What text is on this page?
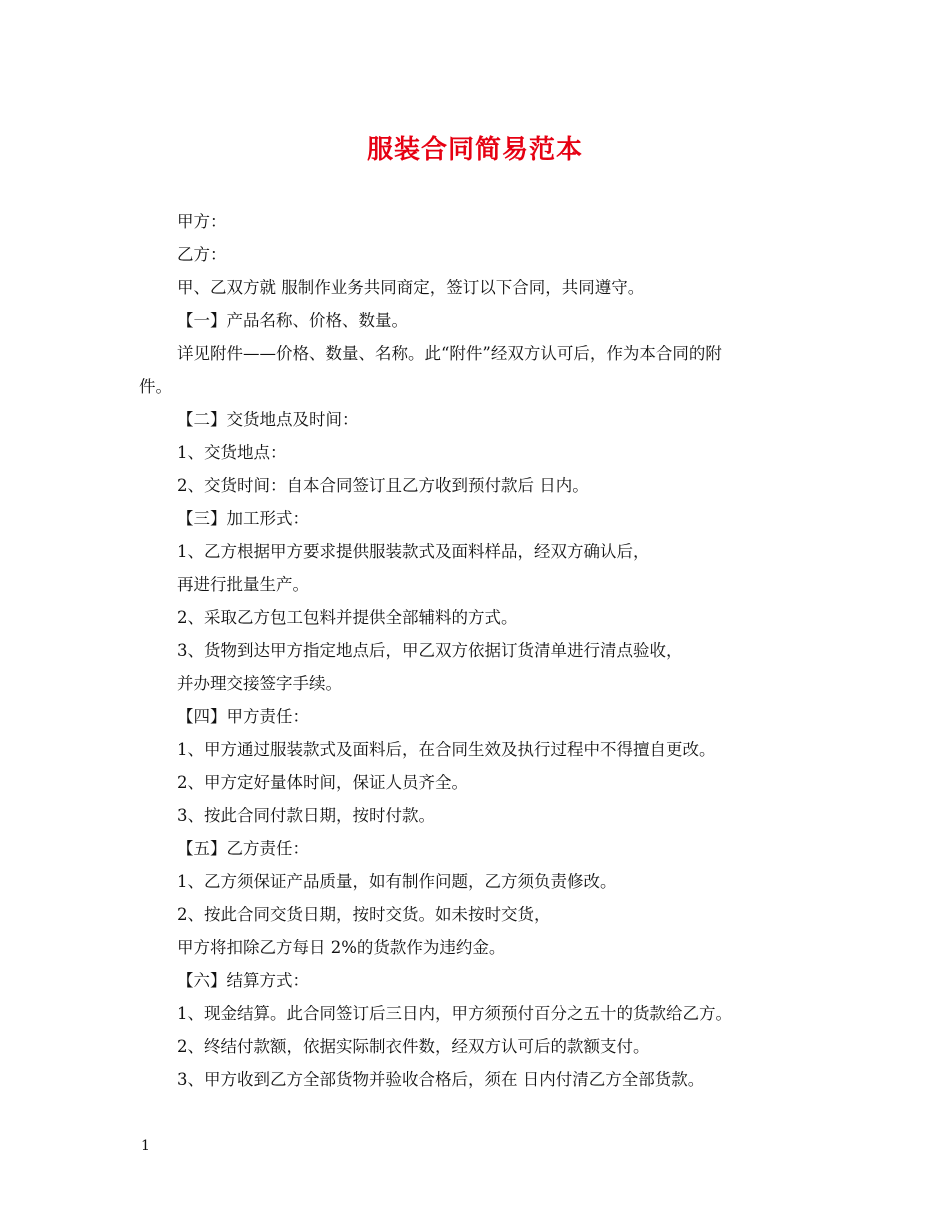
服装合同简易范本
甲方：
乙方：
甲、乙双方就 服制作业务共同商定，签订以下合同，共同遵守。
【一】产品名称、价格、数量。
详见附件——价格、数量、名称。此“附件”经双方认可后，作为本合同的附
件。
【二】交货地点及时间：
1、交货地点：
2、交货时间：自本合同签订且乙方收到预付款后 日内。
【三】加工形式：
1、乙方根据甲方要求提供服装款式及面料样品，经双方确认后，
再进行批量生产。
2、采取乙方包工包料并提供全部辅料的方式。
3、货物到达甲方指定地点后，甲乙双方依据订货清单进行清点验收，
并办理交接签字手续。
【四】甲方责任：
1、甲方通过服装款式及面料后，在合同生效及执行过程中不得擅自更改。
2、甲方定好量体时间，保证人员齐全。
3、按此合同付款日期，按时付款。
【五】乙方责任：
1、乙方须保证产品质量，如有制作问题，乙方须负责修改。
2、按此合同交货日期，按时交货。如未按时交货，
甲方将扣除乙方每日 2%的货款作为违约金。
【六】结算方式：
1、现金结算。此合同签订后三日内，甲方须预付百分之五十的货款给乙方。
2、终结付款额，依据实际制衣件数，经双方认可后的款额支付。
3、甲方收到乙方全部货物并验收合格后，须在 日内付清乙方全部货款。
1
